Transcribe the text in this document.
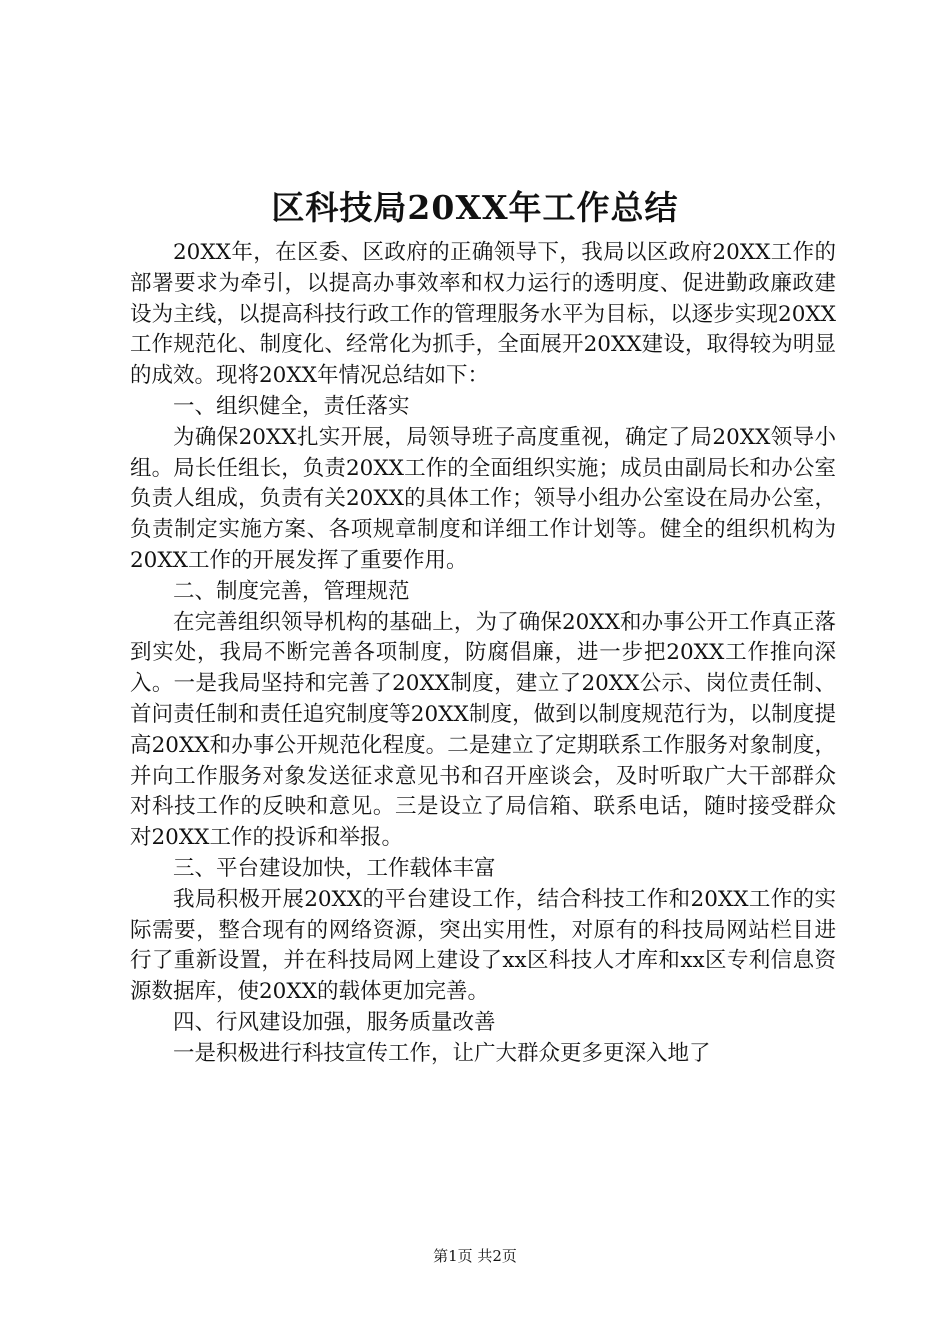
区科技局20XX年工作总结

20XX年，在区委、区政府的正确领导下，我局以区政府20XX工作的部署要求为牵引，以提高办事效率和权力运行的透明度、促进勤政廉政建设为主线，以提高科技行政工作的管理服务水平为目标，以逐步实现20XX工作规范化、制度化、经常化为抓手，全面展开20XX建设，取得较为明显的成效。现将20XX年情况总结如下：

一、组织健全，责任落实

为确保20XX扎实开展，局领导班子高度重视，确定了局20XX领导小组。局长任组长，负责20XX工作的全面组织实施；成员由副局长和办公室负责人组成，负责有关20XX的具体工作；领导小组办公室设在局办公室，负责制定实施方案、各项规章制度和详细工作计划等。健全的组织机构为20XX工作的开展发挥了重要作用。

二、制度完善，管理规范

在完善组织领导机构的基础上，为了确保20XX和办事公开工作真正落到实处，我局不断完善各项制度，防腐倡廉，进一步把20XX工作推向深入。一是我局坚持和完善了20XX制度，建立了20XX公示、岗位责任制、首问责任制和责任追究制度等20XX制度，做到以制度规范行为，以制度提高20XX和办事公开规范化程度。二是建立了定期联系工作服务对象制度，并向工作服务对象发送征求意见书和召开座谈会，及时听取广大干部群众对科技工作的反映和意见。三是设立了局信箱、联系电话，随时接受群众对20XX工作的投诉和举报。

三、平台建设加快，工作载体丰富

我局积极开展20XX的平台建设工作，结合科技工作和20XX工作的实际需要，整合现有的网络资源，突出实用性，对原有的科技局网站栏目进行了重新设置，并在科技局网上建设了xx区科技人才库和xx区专利信息资源数据库，使20XX的载体更加完善。

四、行风建设加强，服务质量改善

一是积极进行科技宣传工作，让广大群众更多更深入地了

第1页 共2页
